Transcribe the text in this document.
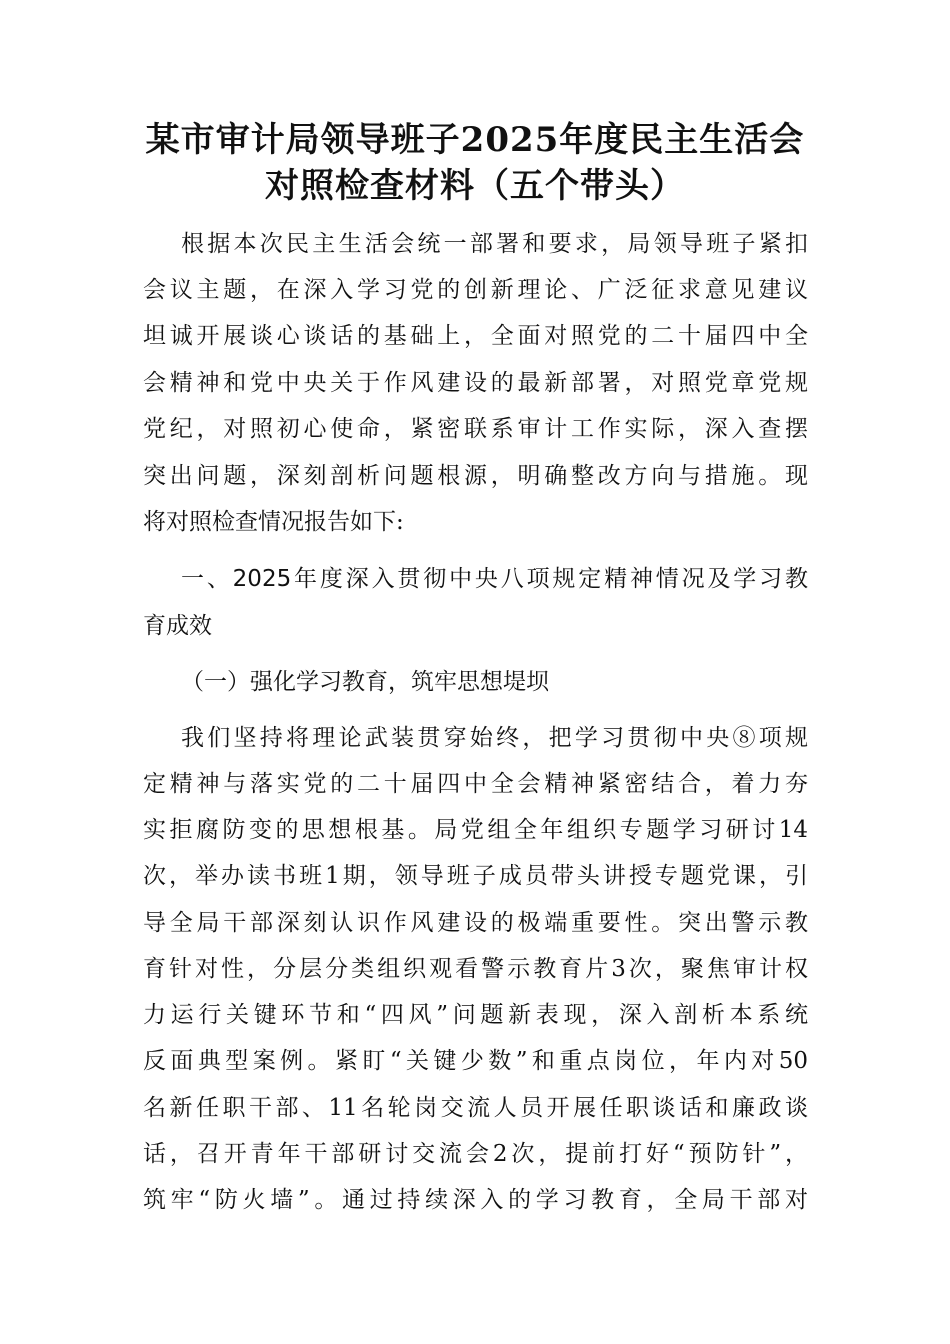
某市审计局领导班子2025年度民主生活会
对照检查材料（五个带头）
根据本次民主生活会统一部署和要求，局领导班子紧扣
会议主题，在深入学习党的创新理论、广泛征求意见建议
坦诚开展谈心谈话的基础上，全面对照党的二十届四中全
会精神和党中央关于作风建设的最新部署，对照党章党规
党纪，对照初心使命，紧密联系审计工作实际，深入查摆
突出问题，深刻剖析问题根源，明确整改方向与措施。现
将对照检查情况报告如下:
一、2025年度深入贯彻中央八项规定精神情况及学习教
育成效
（一）强化学习教育，筑牢思想堤坝
我们坚持将理论武装贯穿始终，把学习贯彻中央⑧项规
定精神与落实党的二十届四中全会精神紧密结合，着力夯
实拒腐防变的思想根基。局党组全年组织专题学习研讨14
次，举办读书班1期，领导班子成员带头讲授专题党课，引
导全局干部深刻认识作风建设的极端重要性。突出警示教
育针对性，分层分类组织观看警示教育片3次，聚焦审计权
力运行关键环节和“四风”问题新表现，深入剖析本系统
反面典型案例。紧盯“关键少数”和重点岗位，年内对50
名新任职干部、11名轮岗交流人员开展任职谈话和廉政谈
话，召开青年干部研讨交流会2次，提前打好“预防针”，
筑牢“防火墙”。通过持续深入的学习教育，全局干部对
